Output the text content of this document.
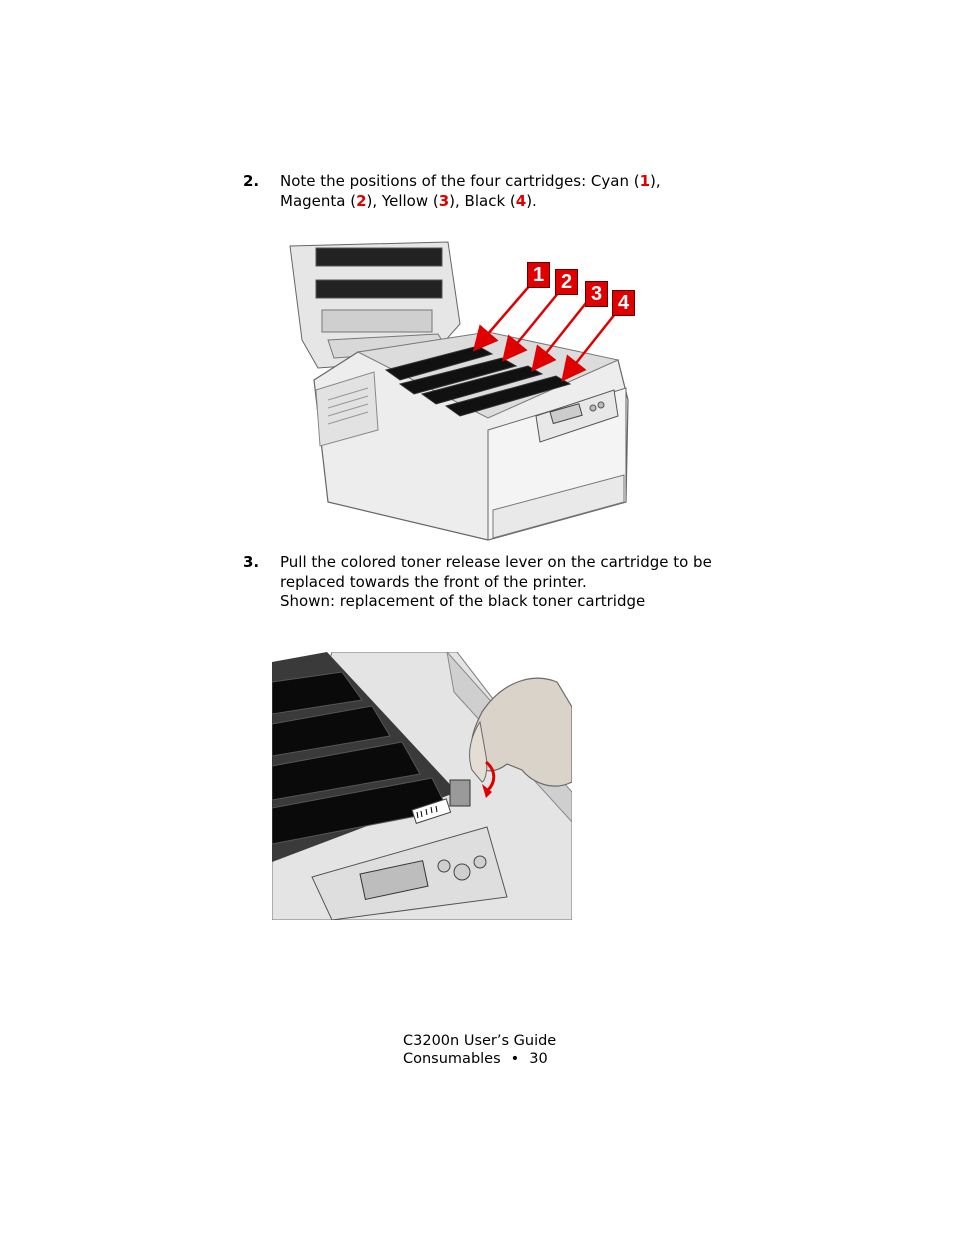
2. Note the positions of the four cartridges: Cyan (1),
Magenta (2), Yellow (3), Black (4).
1 2
3 4
3. Pull the colored toner release lever on the cartridge to be
replaced towards the front of the printer.
Shown: replacement of the black toner cartridge
C3200n User’s Guide
Consumables • 30
